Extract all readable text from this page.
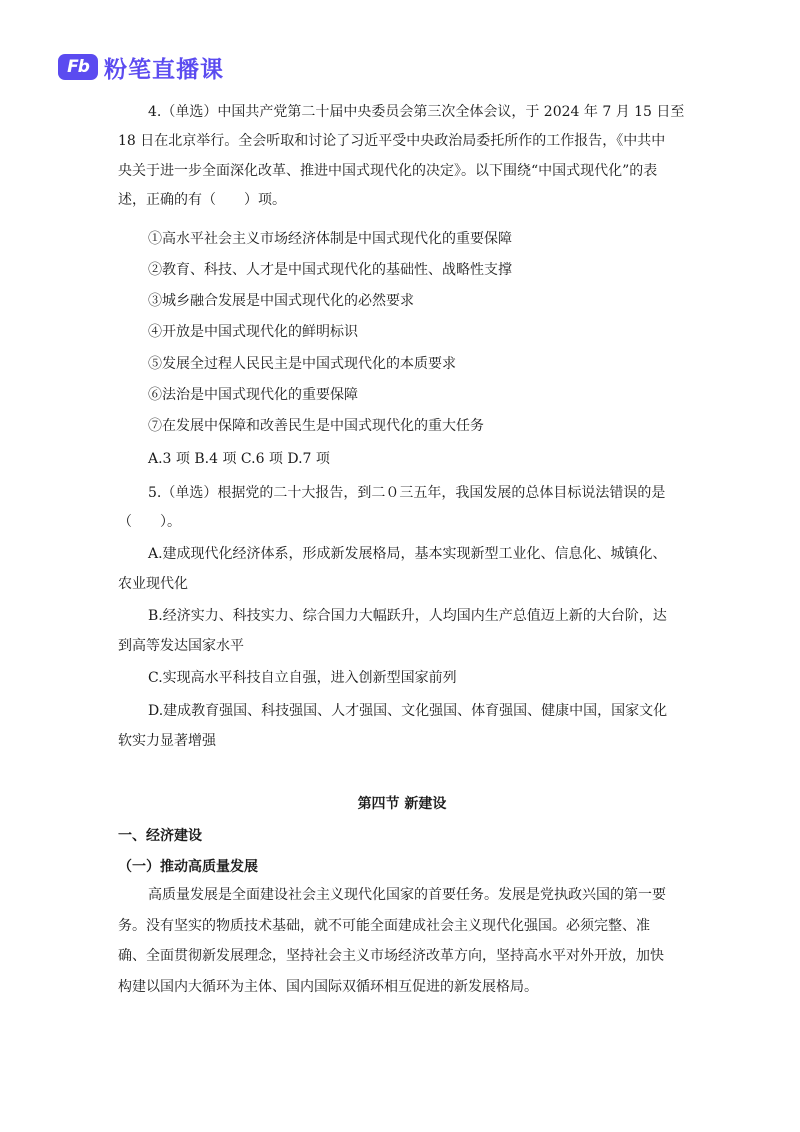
Fb 粉笔直播课
4.（单选）中国共产党第二十届中央委员会第三次全体会议，于 2024 年 7 月 15 日至
18 日在北京举行。全会听取和讨论了习近平受中央政治局委托所作的工作报告，《中共中
央关于进一步全面深化改革、推进中国式现代化的决定》。以下围绕“中国式现代化”的表
述，正确的有（　　）项。
①高水平社会主义市场经济体制是中国式现代化的重要保障
②教育、科技、人才是中国式现代化的基础性、战略性支撑
③城乡融合发展是中国式现代化的必然要求
④开放是中国式现代化的鲜明标识
⑤发展全过程人民民主是中国式现代化的本质要求
⑥法治是中国式现代化的重要保障
⑦在发展中保障和改善民生是中国式现代化的重大任务
A.3 项 B.4 项 C.6 项 D.7 项
5.（单选）根据党的二十大报告，到二０三五年，我国发展的总体目标说法错误的是
（　　）。
A.建成现代化经济体系，形成新发展格局，基本实现新型工业化、信息化、城镇化、
农业现代化
B.经济实力、科技实力、综合国力大幅跃升，人均国内生产总值迈上新的大台阶，达
到高等发达国家水平
C.实现高水平科技自立自强，进入创新型国家前列
D.建成教育强国、科技强国、人才强国、文化强国、体育强国、健康中国，国家文化
软实力显著增强
第四节 新建设
一、经济建设
（一）推动高质量发展
高质量发展是全面建设社会主义现代化国家的首要任务。发展是党执政兴国的第一要
务。没有坚实的物质技术基础，就不可能全面建成社会主义现代化强国。必须完整、准
确、全面贯彻新发展理念，坚持社会主义市场经济改革方向，坚持高水平对外开放，加快
构建以国内大循环为主体、国内国际双循环相互促进的新发展格局。
